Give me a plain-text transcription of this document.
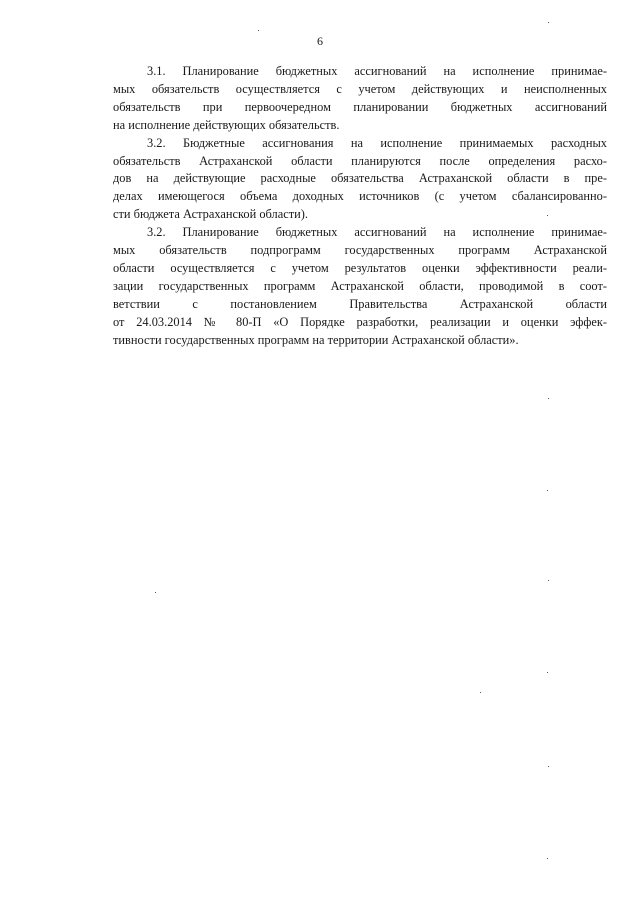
6

3.1. Планирование бюджетных ассигнований на исполнение принимае-
мых обязательств осуществляется с учетом действующих и неисполненных
обязательств при первоочередном планировании бюджетных ассигнований
на исполнение действующих обязательств.

3.2. Бюджетные ассигнования на исполнение принимаемых расходных
обязательств Астраханской области планируются после определения расхо-
дов на действующие расходные обязательства Астраханской области в пре-
делах имеющегося объема доходных источников (с учетом сбалансированно-
сти бюджета Астраханской области).

3.2. Планирование бюджетных ассигнований на исполнение принимае-
мых обязательств подпрограмм государственных программ Астраханской
области осуществляется с учетом результатов оценки эффективности реали-
зации государственных программ Астраханской области, проводимой в соот-
ветствии с постановлением Правительства Астраханской области
от 24.03.2014 № 80-П «О Порядке разработки, реализации и оценки эффек-
тивности государственных программ на территории Астраханской области».
